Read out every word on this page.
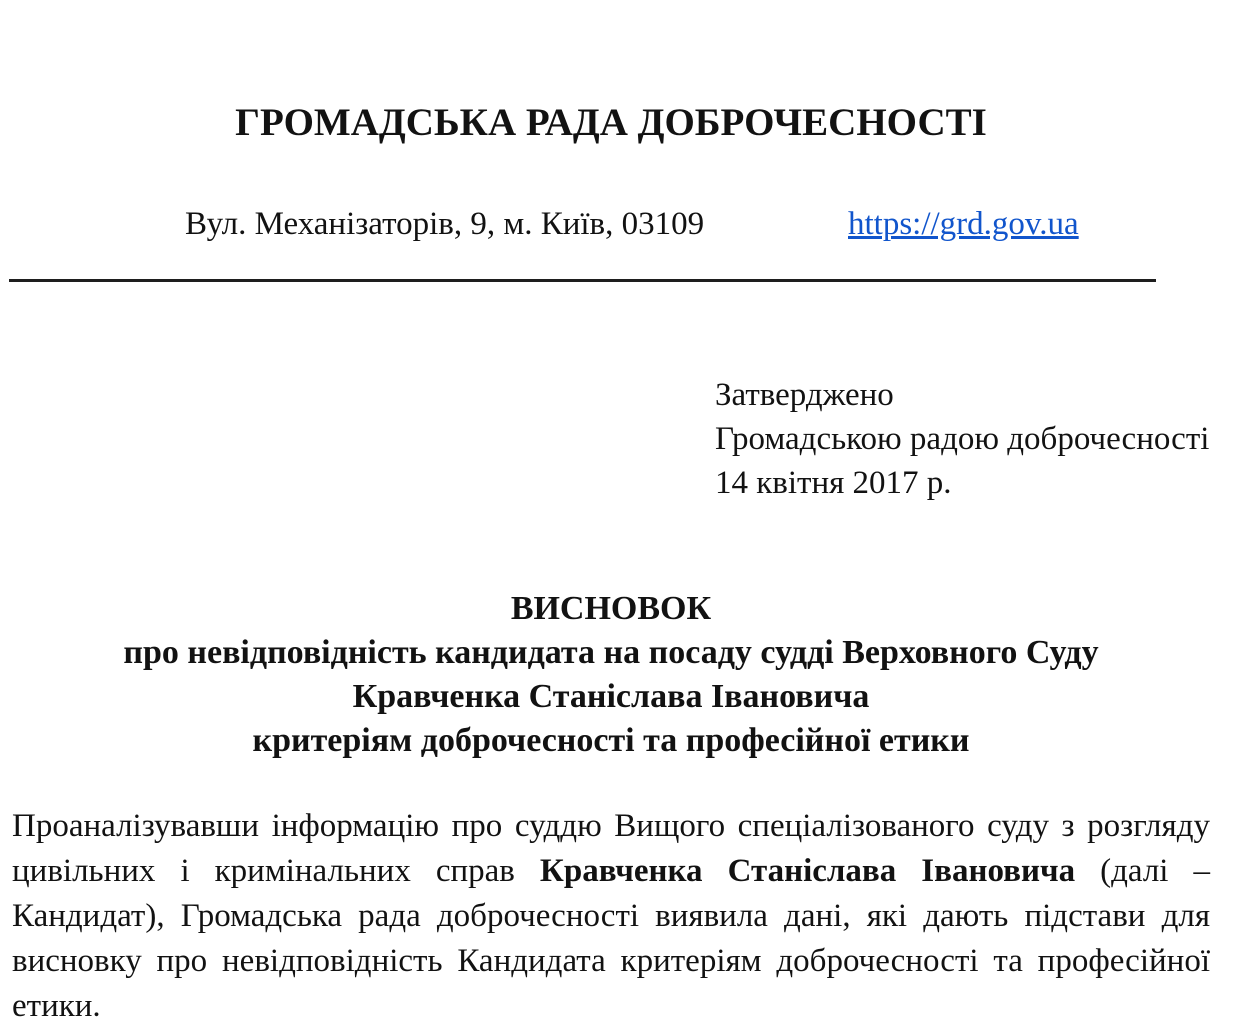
ГРОМАДСЬКА РАДА ДОБРОЧЕСНОСТІ
Вул. Механізаторів, 9, м. Київ, 03109	https://grd.gov.ua
Затверджено
Громадською радою доброчесності
14 квітня 2017 р.
ВИСНОВОК
про невідповідність кандидата на посаду судді Верховного Суду
Кравченка Станіслава Івановича
критеріям доброчесності та професійної етики
Проаналізувавши інформацію про суддю Вищого спеціалізованого суду з розгляду цивільних і кримінальних справ Кравченка Станіслава Івановича (далі – Кандидат), Громадська рада доброчесності виявила дані, які дають підстави для висновку про невідповідність Кандидата критеріям доброчесності та професійної етики.
